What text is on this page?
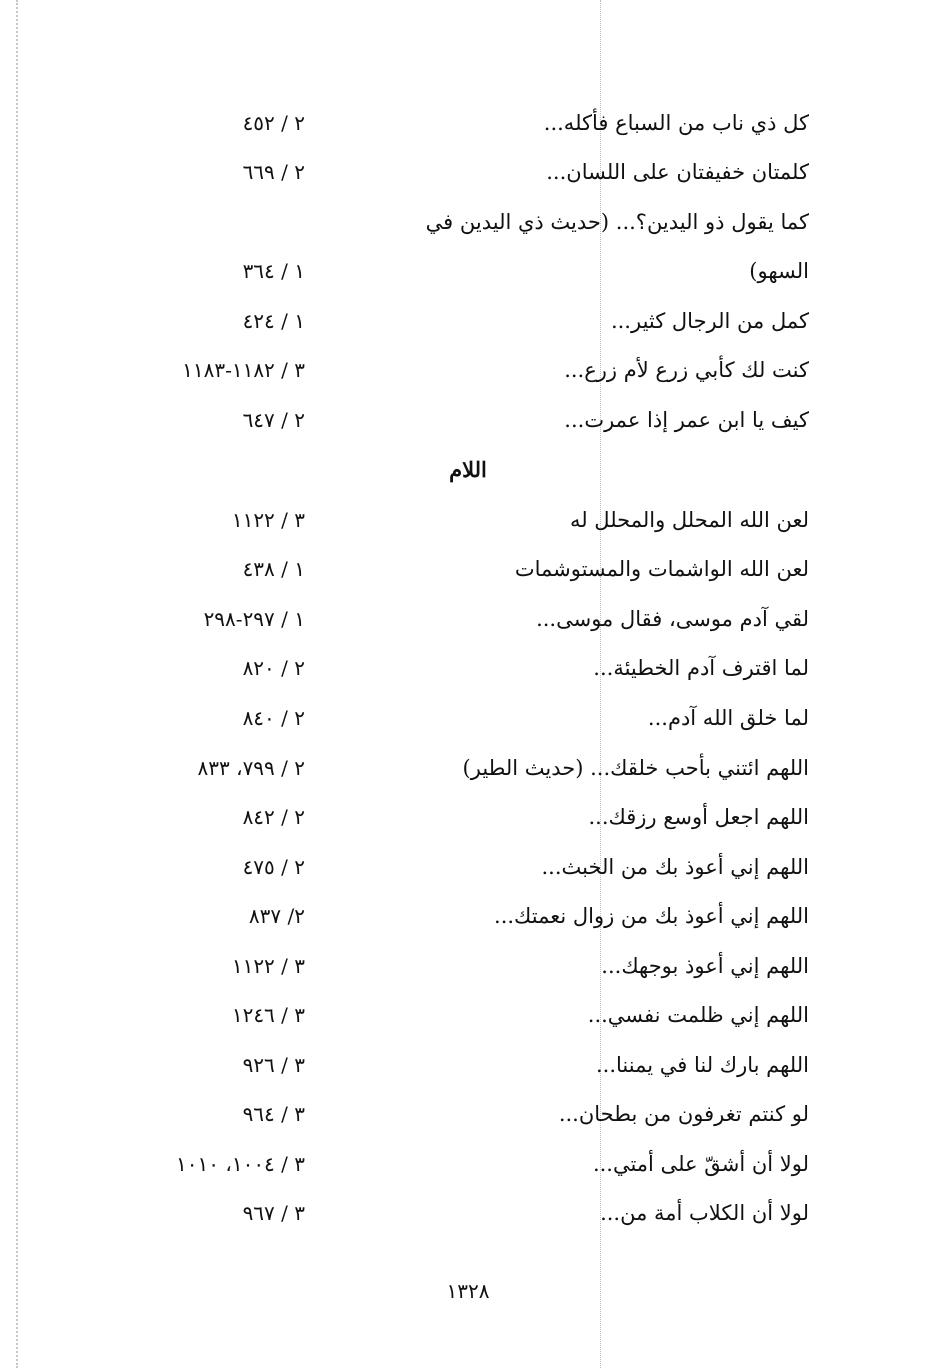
كل ذي ناب من السباع فأكله...
٢ / ٤٥٢
كلمتان خفيفتان على اللسان...
٢ / ٦٦٩
كما يقول ذو اليدين؟... (حديث ذي اليدين في
السهو)
١ / ٣٦٤
كمل من الرجال كثير...
١ / ٤٢٤
كنت لك كأبي زرع لأم زرع...
٣ / ١١٨٢-١١٨٣
كيف يا ابن عمر إذا عمرت...
٢ / ٦٤٧
اللام
لعن الله المحلل والمحلل له
٣ / ١١٢٢
لعن الله الواشمات والمستوشمات
١ / ٤٣٨
لقي آدم موسى، فقال موسى...
١ / ٢٩٧-٢٩٨
لما اقترف آدم الخطيئة...
٢ / ٨٢٠
لما خلق الله آدم...
٢ / ٨٤٠
اللهم ائتني بأحب خلقك... (حديث الطير)
٢ / ٧٩٩، ٨٣٣
اللهم اجعل أوسع رزقك...
٢ / ٨٤٢
اللهم إني أعوذ بك من الخبث...
٢ / ٤٧٥
اللهم إني أعوذ بك من زوال نعمتك...
٢/ ٨٣٧
اللهم إني أعوذ بوجهك...
٣ / ١١٢٢
اللهم إني ظلمت نفسي...
٣ / ١٢٤٦
اللهم بارك لنا في يمننا...
٣ / ٩٢٦
لو كنتم تغرفون من بطحان...
٣ / ٩٦٤
لولا أن أشقّ على أمتي...
٣ / ١٠٠٤، ١٠١٠
لولا أن الكلاب أمة من...
٣ / ٩٦٧
١٣٢٨
